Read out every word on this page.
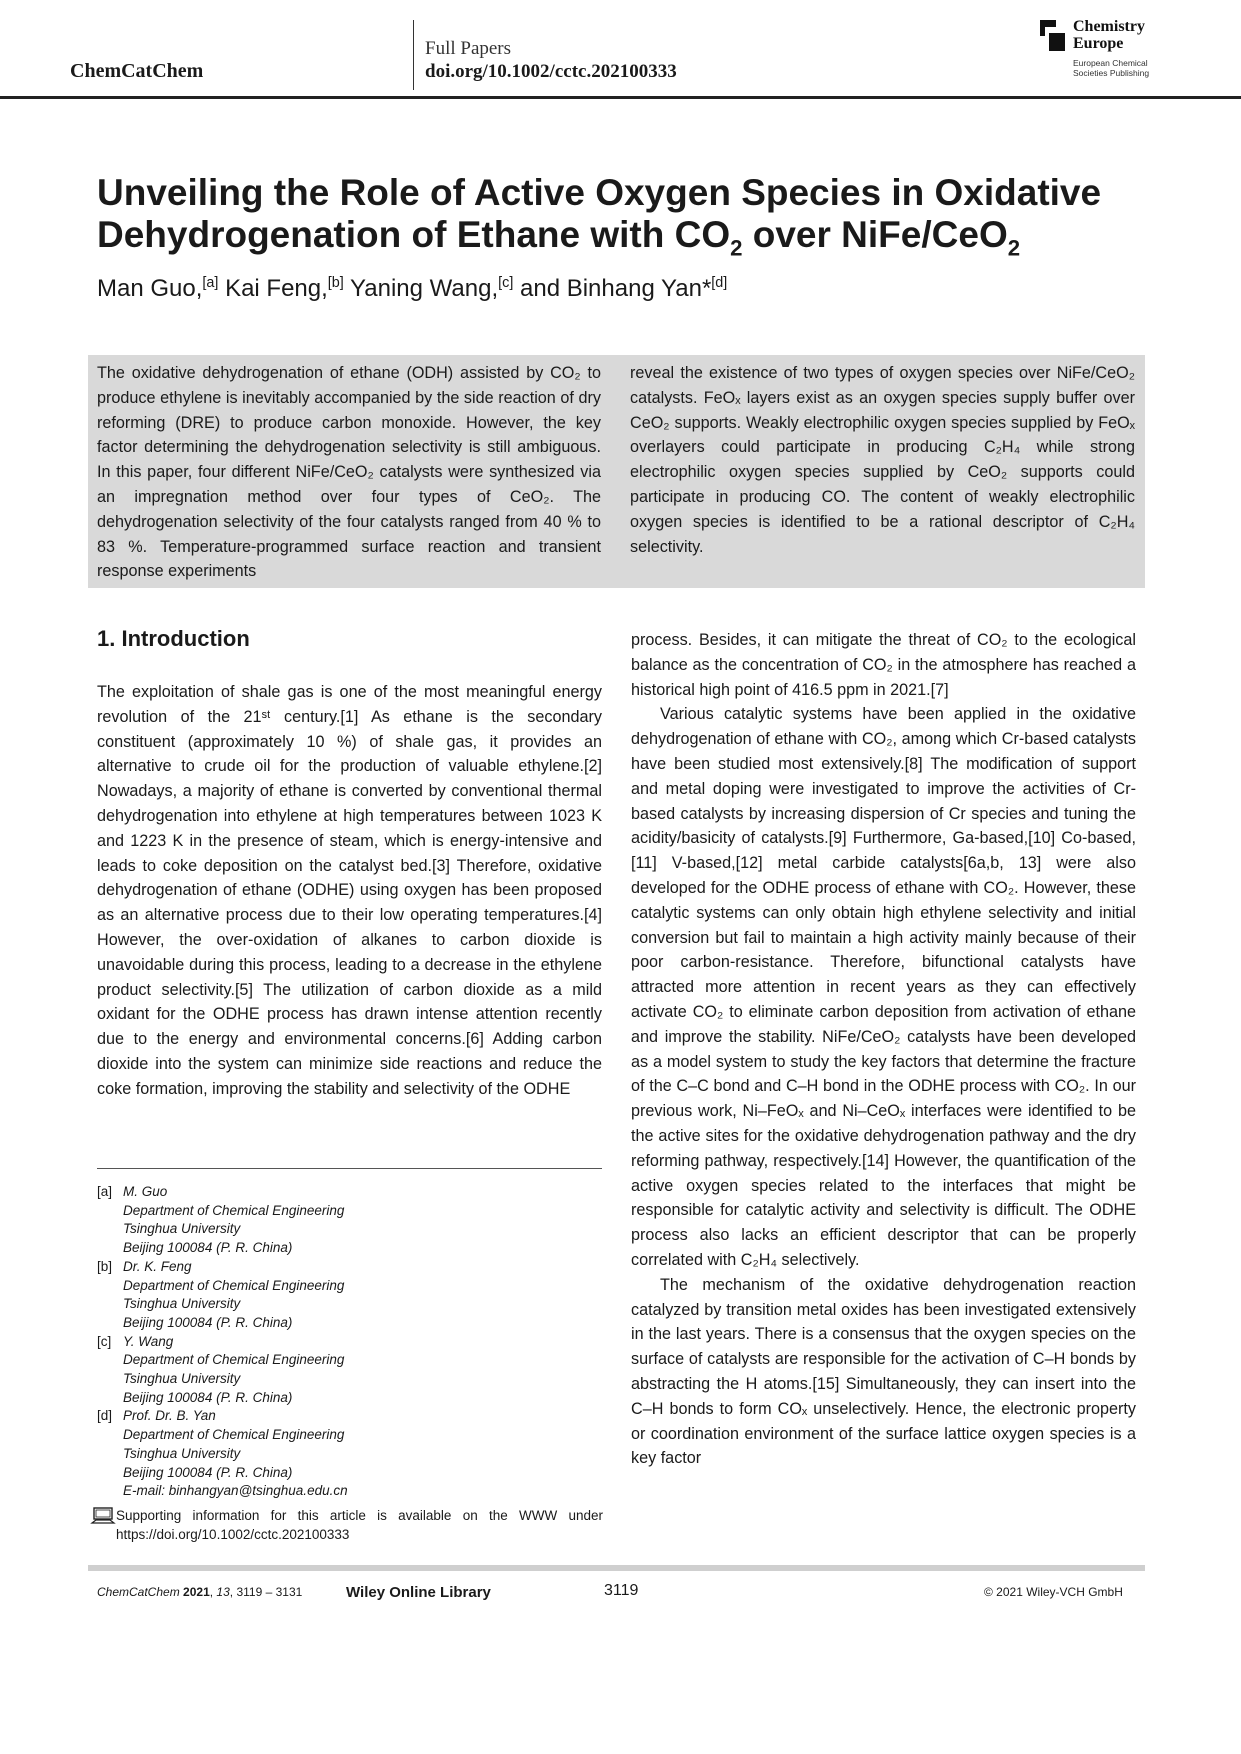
ChemCatChem
Full Papers
doi.org/10.1002/cctc.202100333
Chemistry
Europe
European Chemical
Societies Publishing
Unveiling the Role of Active Oxygen Species in Oxidative
Dehydrogenation of Ethane with $CO_2$ over NiFe/CeO$_2$
Man Guo,[a] Kai Feng,[b] Yaning Wang,[c] and Binhang Yan*[d]
The oxidative dehydrogenation of ethane (ODH) assisted by CO₂ to produce ethylene is inevitably accompanied by the side reaction of dry reforming (DRE) to produce carbon monoxide. However, the key factor determining the dehydrogenation selectivity is still ambiguous. In this paper, four different NiFe/CeO₂ catalysts were synthesized via an impregnation method over four types of CeO₂. The dehydrogenation selectivity of the four catalysts ranged from 40 % to 83 %. Temperature-programmed surface reaction and transient response experiments
reveal the existence of two types of oxygen species over NiFe/CeO₂ catalysts. FeOₓ layers exist as an oxygen species supply buffer over CeO₂ supports. Weakly electrophilic oxygen species supplied by FeOₓ overlayers could participate in producing C₂H₄ while strong electrophilic oxygen species supplied by CeO₂ supports could participate in producing CO. The content of weakly electrophilic oxygen species is identified to be a rational descriptor of C₂H₄ selectivity.
1. Introduction

The exploitation of shale gas is one of the most meaningful energy revolution of the 21ˢᵗ century.[1] As ethane is the secondary constituent (approximately 10 %) of shale gas, it provides an alternative to crude oil for the production of valuable ethylene.[2] Nowadays, a majority of ethane is converted by conventional thermal dehydrogenation into ethylene at high temperatures between 1023 K and 1223 K in the presence of steam, which is energy-intensive and leads to coke deposition on the catalyst bed.[3] Therefore, oxidative dehydrogenation of ethane (ODHE) using oxygen has been proposed as an alternative process due to their low operating temperatures.[4] However, the over-oxidation of alkanes to carbon dioxide is unavoidable during this process, leading to a decrease in the ethylene product selectivity.[5] The utilization of carbon dioxide as a mild oxidant for the ODHE process has drawn intense attention recently due to the energy and environmental concerns.[6] Adding carbon dioxide into the system can minimize side reactions and reduce the coke formation, improving the stability and selectivity of the ODHE

process. Besides, it can mitigate the threat of CO₂ to the ecological balance as the concentration of CO₂ in the atmosphere has reached a historical high point of 416.5 ppm in 2021.[7]

Various catalytic systems have been applied in the oxidative dehydrogenation of ethane with CO₂, among which Cr-based catalysts have been studied most extensively.[8] The modification of support and metal doping were investigated to improve the activities of Cr-based catalysts by increasing dispersion of Cr species and tuning the acidity/basicity of catalysts.[9] Furthermore, Ga-based,[10] Co-based,[11] V-based,[12] metal carbide catalysts[6a,b, 13] were also developed for the ODHE process of ethane with CO₂. However, these catalytic systems can only obtain high ethylene selectivity and initial conversion but fail to maintain a high activity mainly because of their poor carbon-resistance. Therefore, bifunctional catalysts have attracted more attention in recent years as they can effectively activate CO₂ to eliminate carbon deposition from activation of ethane and improve the stability. NiFe/CeO₂ catalysts have been developed as a model system to study the key factors that determine the fracture of the C–C bond and C–H bond in the ODHE process with CO₂. In our previous work, Ni–FeOₓ and Ni–CeOₓ interfaces were identified to be the active sites for the oxidative dehydrogenation pathway and the dry reforming pathway, respectively.[14] However, the quantification of the active oxygen species related to the interfaces that might be responsible for catalytic activity and selectivity is difficult. The ODHE process also lacks an efficient descriptor that can be properly correlated with C₂H₄ selectively.

The mechanism of the oxidative dehydrogenation reaction catalyzed by transition metal oxides has been investigated extensively in the last years. There is a consensus that the oxygen species on the surface of catalysts are responsible for the activation of C–H bonds by abstracting the H atoms.[15] Simultaneously, they can insert into the C–H bonds to form COₓ unselectively. Hence, the electronic property or coordination environment of the surface lattice oxygen species is a key factor

[a] M. Guo
Department of Chemical Engineering
Tsinghua University
Beijing 100084 (P. R. China)
[b] Dr. K. Feng
Department of Chemical Engineering
Tsinghua University
Beijing 100084 (P. R. China)
[c] Y. Wang
Department of Chemical Engineering
Tsinghua University
Beijing 100084 (P. R. China)
[d] Prof. Dr. B. Yan
Department of Chemical Engineering
Tsinghua University
Beijing 100084 (P. R. China)
E-mail: binhangyan@tsinghua.edu.cn
Supporting information for this article is available on the WWW under https://doi.org/10.1002/cctc.202100333
ChemCatChem 2021, 13, 3119 – 3131	Wiley Online Library	3119	© 2021 Wiley-VCH GmbH
